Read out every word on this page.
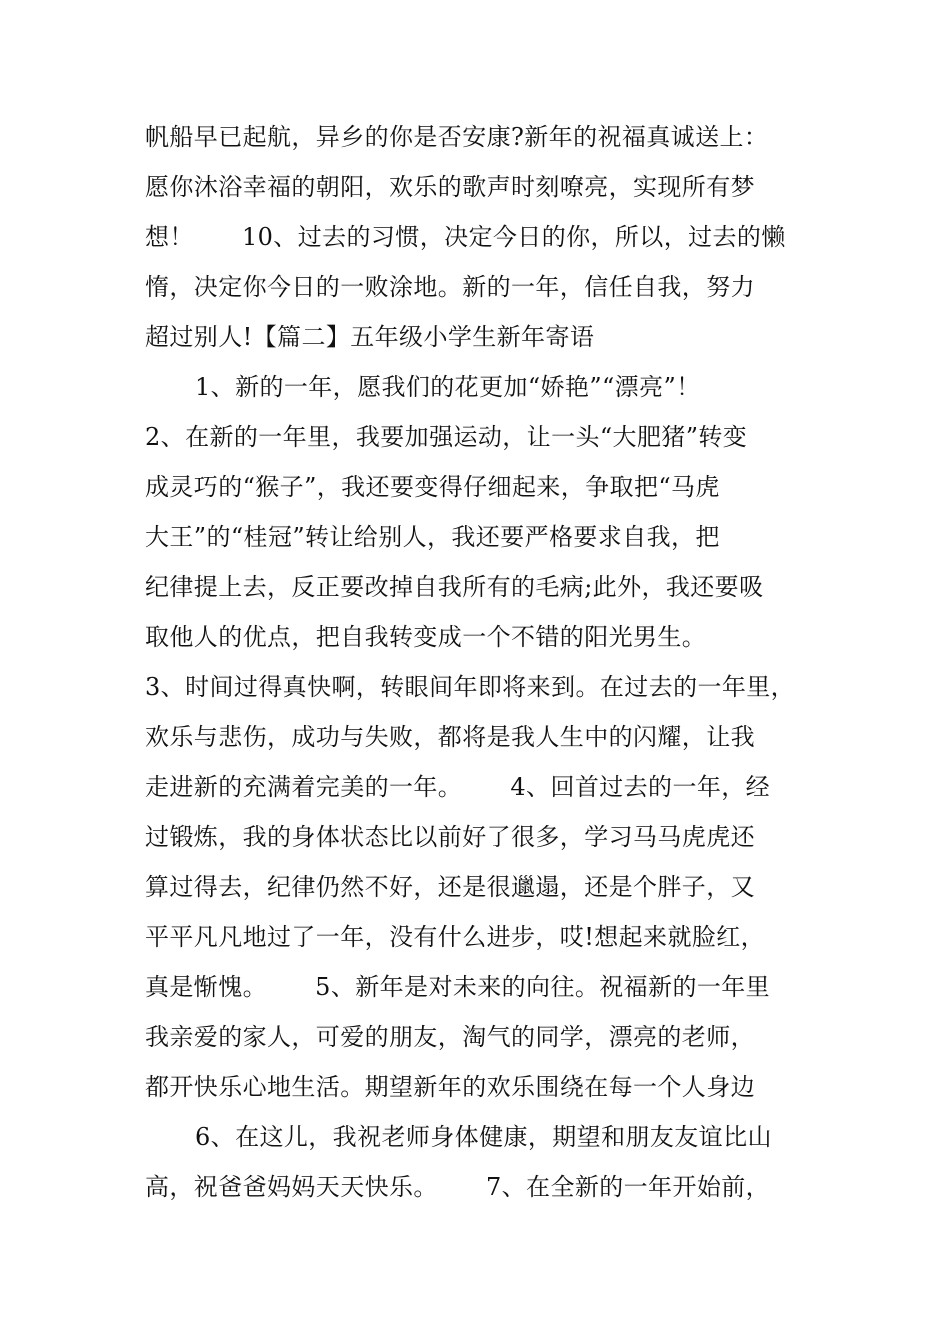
帆船早已起航，异乡的你是否安康?新年的祝福真诚送上：
愿你沐浴幸福的朝阳，欢乐的歌声时刻嘹亮，实现所有梦
想！      10、过去的习惯，决定今日的你，所以，过去的懒
惰，决定你今日的一败涂地。新的一年，信任自我，努力
超过别人!【篇二】五年级小学生新年寄语
1、新的一年，愿我们的花更加“娇艳”“漂亮”！
2、在新的一年里，我要加强运动，让一头“大肥猪”转变
成灵巧的“猴子”，我还要变得仔细起来，争取把“马虎
大王”的“桂冠”转让给别人，我还要严格要求自我，把
纪律提上去，反正要改掉自我所有的毛病;此外，我还要吸
取他人的优点，把自我转变成一个不错的阳光男生。
3、时间过得真快啊，转眼间年即将来到。在过去的一年里，
欢乐与悲伤，成功与失败，都将是我人生中的闪耀，让我
走进新的充满着完美的一年。      4、回首过去的一年，经
过锻炼，我的身体状态比以前好了很多，学习马马虎虎还
算过得去，纪律仍然不好，还是很邋遢，还是个胖子，又
平平凡凡地过了一年，没有什么进步，哎!想起来就脸红，
真是惭愧。      5、新年是对未来的向往。祝福新的一年里
我亲爱的家人，可爱的朋友，淘气的同学，漂亮的老师，
都开快乐心地生活。期望新年的欢乐围绕在每一个人身边
6、在这儿，我祝老师身体健康，期望和朋友友谊比山
高，祝爸爸妈妈天天快乐。      7、在全新的一年开始前，
